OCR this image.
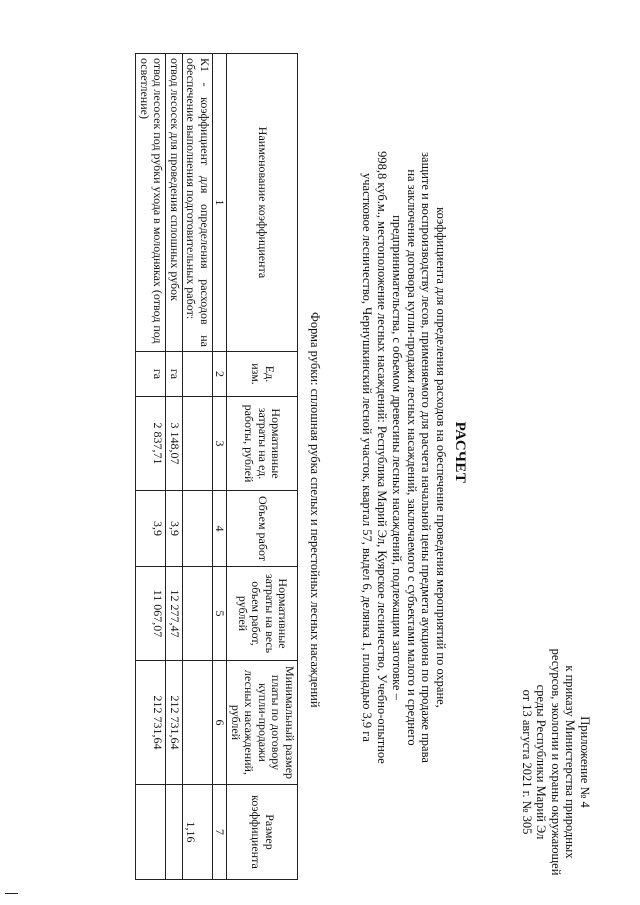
Приложение № 4
к приказу Министерства природных
ресурсов, экологии и охраны окружающей
среды Республики Марий Эл
от 13 августа 2021 г. № 305
РАСЧЕТ
коэффициента для определения расходов на обеспечение проведения мероприятий по охране,
защите и воспроизводству лесов, применяемого для расчета начальной цены предмета аукциона по продаже права
на заключение договора купли-продажи лесных насаждений, заключаемого с субъектами малого и среднего
предпринимательства, с объемом древесины лесных насаждений, подлежащим заготовке –
998,8 куб.м., местоположение лесных насаждений: Республика Марий Эл, Куярское лесничество, Учебно-опытное
участковое лесничество, Чернушкинский лесной участок, квартал 57, выдел 6, делянка 1, площадью 3,9 га
Форма рубки: сплошная рубка спелых и перестойных лесных насаждений
Наименование коэффициента	Ед. изм.	Нормативные затраты на ед. работы, рублей	Объем работ	Нормативные затраты на весь объем работ, рублей	Минимальный размер платы по договору купли-продажи лесных насаждений, рублей	Размер коэффициента
1	2	3	4	5	6	7
К1 - коэффициент для определения расходов на обеспечение выполнения подготовительных работ:						1,16
отвод лесосек для проведения сплошных рубок	га	3 148,07	3,9	12 277,47	212 731,64	
отвод лесосек под рубки ухода в молодняках (отвод под осветление)	га	2 837,71	3,9	11 067,07	212 731,64	
